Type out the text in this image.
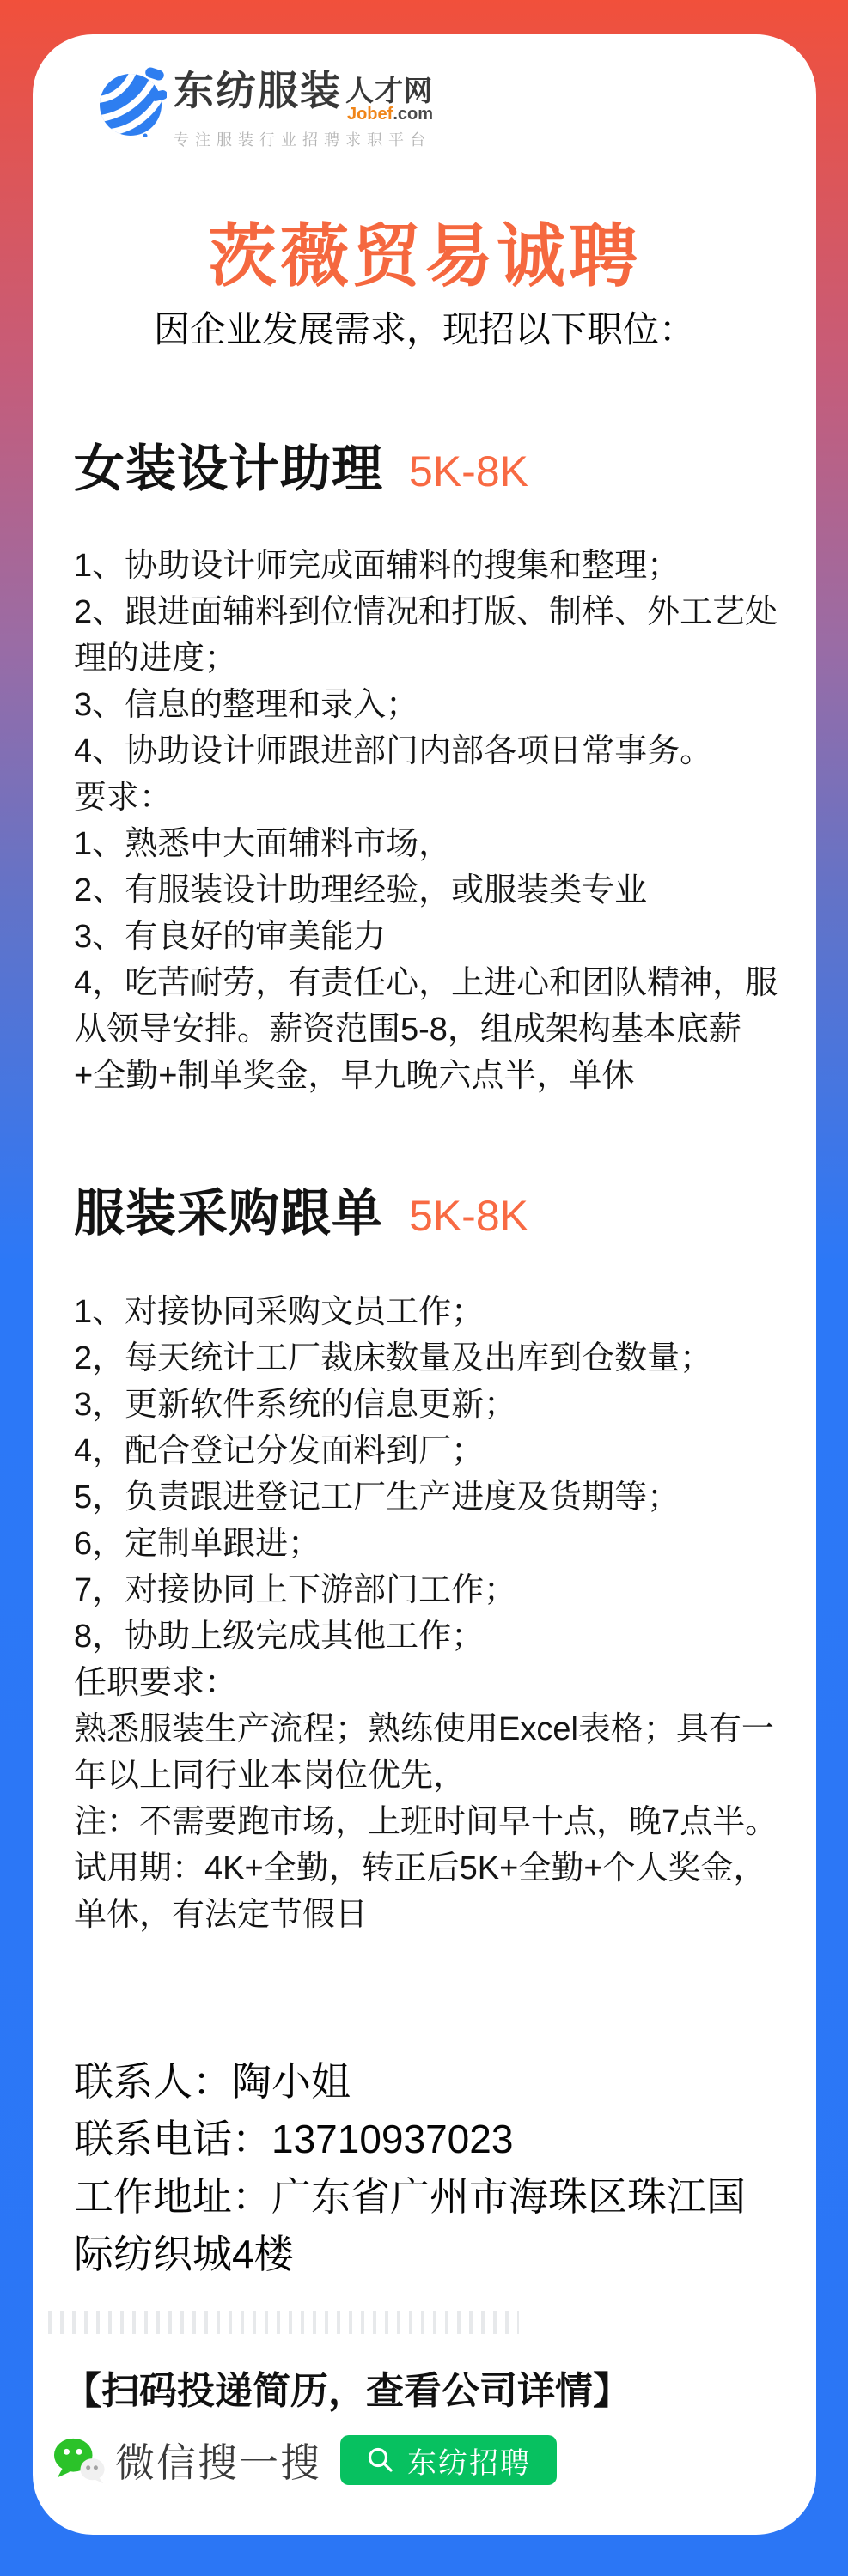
东纺服装 人才网
Jobef.com
专注服装行业招聘求职平台
茨薇贸易诚聘
因企业发展需求，现招以下职位：
女装设计助理 5K-8K

1、协助设计师完成面辅料的搜集和整理；

2、跟进面辅料到位情况和打版、制样、外工艺处理的进度；

3、信息的整理和录入；

4、协助设计师跟进部门内部各项日常事务。

要求：

1、熟悉中大面辅料市场，

2、有服装设计助理经验，或服装类专业

3、有良好的审美能力

4，吃苦耐劳，有责任心，上进心和团队精神，服从领导安排。薪资范围5-8，组成架构基本底薪+全勤+制单奖金，早九晚六点半，单休

服装采购跟单 5K-8K

1、对接协同采购文员工作；

2，每天统计工厂裁床数量及出库到仓数量；

3，更新软件系统的信息更新；

4，配合登记分发面料到厂；

5，负责跟进登记工厂生产进度及货期等；

6，定制单跟进；

7，对接协同上下游部门工作；

8，协助上级完成其他工作；

任职要求：

熟悉服装生产流程；熟练使用Excel表格；具有一年以上同行业本岗位优先，

注：不需要跑市场，上班时间早十点，晚7点半。

试用期：4K+全勤，转正后5K+全勤+个人奖金，单休，有法定节假日

联系人：陶小姐

联系电话：13710937023

工作地址：广东省广州市海珠区珠江国际纺织城4楼

【扫码投递简历，查看公司详情】
微信搜一搜	东纺招聘
